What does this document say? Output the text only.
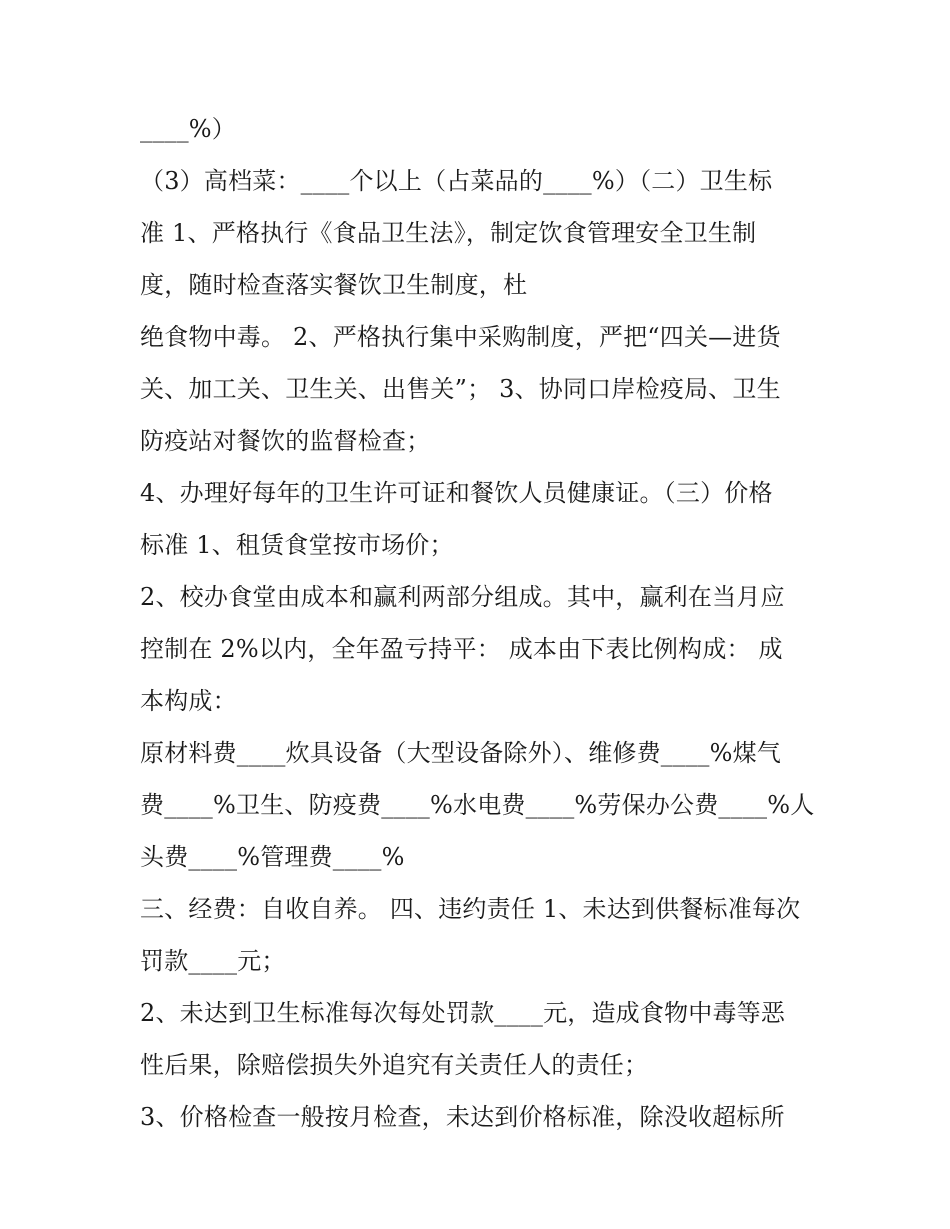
____%）
（3）高档菜：____个以上（占菜品的____%）（二）卫生标
准 1、严格执行《食品卫生法》，制定饮食管理安全卫生制
度，随时检查落实餐饮卫生制度，杜
绝食物中毒。 2、严格执行集中采购制度，严把“四关—进货
关、加工关、卫生关、出售关”； 3、协同口岸检疫局、卫生
防疫站对餐饮的监督检查；
4、办理好每年的卫生许可证和餐饮人员健康证。（三）价格
标准 1、租赁食堂按市场价；
2、校办食堂由成本和赢利两部分组成。其中，赢利在当月应
控制在 2%以内，全年盈亏持平： 成本由下表比例构成： 成
本构成：
原材料费____炊具设备（大型设备除外）、维修费____%煤气
费____%卫生、防疫费____%水电费____%劳保办公费____%人
头费____%管理费____%
三、经费：自收自养。 四、违约责任 1、未达到供餐标准每次
罚款____元；
2、未达到卫生标准每次每处罚款____元，造成食物中毒等恶
性后果，除赔偿损失外追究有关责任人的责任；
3、价格检查一般按月检查，未达到价格标准，除没收超标所
